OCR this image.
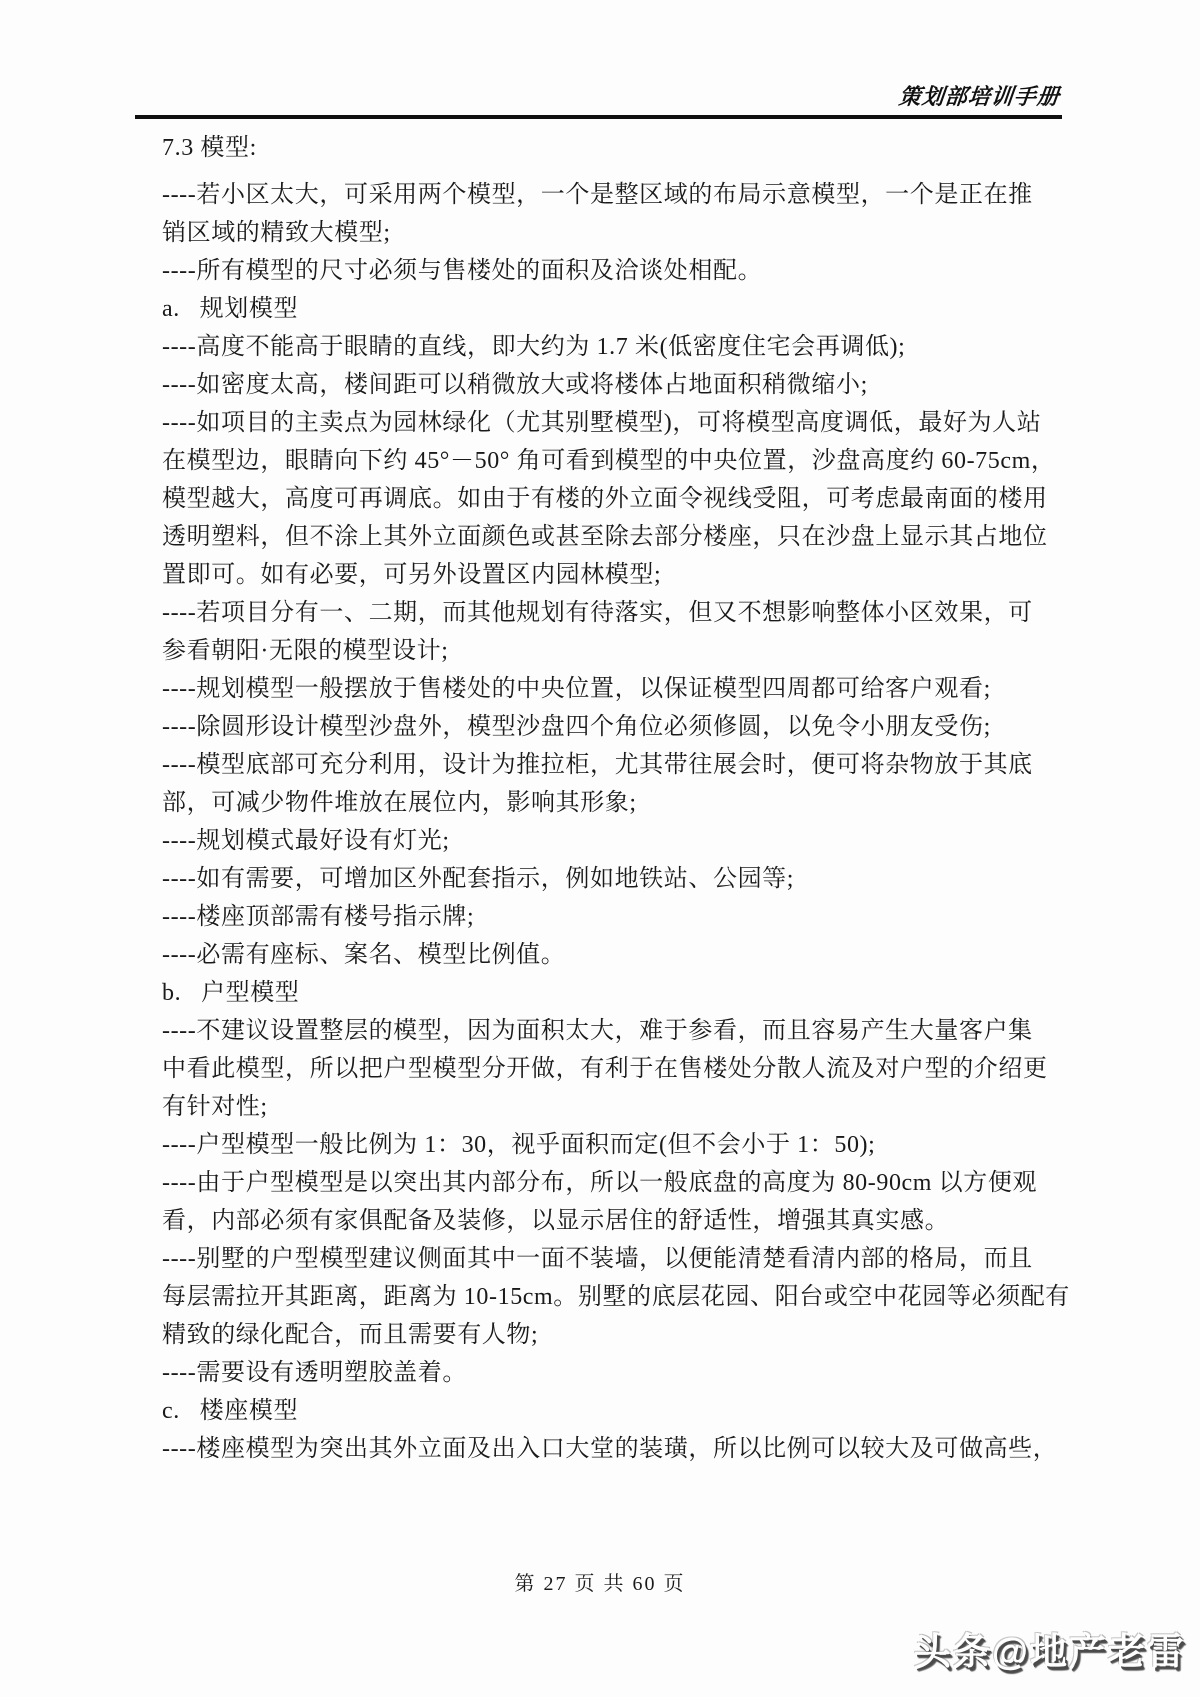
策划部培训手册
7.3 模型:
----若小区太大，可采用两个模型，一个是整区域的布局示意模型，一个是正在推
销区域的精致大模型;
----所有模型的尺寸必须与售楼处的面积及洽谈处相配。
a.   规划模型
----高度不能高于眼睛的直线，即大约为 1.7 米(低密度住宅会再调低);
----如密度太高，楼间距可以稍微放大或将楼体占地面积稍微缩小;
----如项目的主卖点为园林绿化（尤其别墅模型)，可将模型高度调低，最好为人站
在模型边，眼睛向下约 45°－50° 角可看到模型的中央位置，沙盘高度约 60-75cm，
模型越大，高度可再调底。如由于有楼的外立面令视线受阻，可考虑最南面的楼用
透明塑料，但不涂上其外立面颜色或甚至除去部分楼座，只在沙盘上显示其占地位
置即可。如有必要，可另外设置区内园林模型;
----若项目分有一、二期，而其他规划有待落实，但又不想影响整体小区效果，可
参看朝阳·无限的模型设计;
----规划模型一般摆放于售楼处的中央位置，以保证模型四周都可给客户观看;
----除圆形设计模型沙盘外，模型沙盘四个角位必须修圆，以免令小朋友受伤;
----模型底部可充分利用，设计为推拉柜，尤其带往展会时，便可将杂物放于其底
部，可减少物件堆放在展位内，影响其形象;
----规划模式最好设有灯光;
----如有需要，可增加区外配套指示，例如地铁站、公园等;
----楼座顶部需有楼号指示牌;
----必需有座标、案名、模型比例值。
b.   户型模型
----不建议设置整层的模型，因为面积太大，难于参看，而且容易产生大量客户集
中看此模型，所以把户型模型分开做，有利于在售楼处分散人流及对户型的介绍更
有针对性;
----户型模型一般比例为 1：30，视乎面积而定(但不会小于 1：50);
----由于户型模型是以突出其内部分布，所以一般底盘的高度为 80-90cm 以方便观
看，内部必须有家俱配备及装修，以显示居住的舒适性，增强其真实感。
----别墅的户型模型建议侧面其中一面不装墙，以便能清楚看清内部的格局，而且
每层需拉开其距离，距离为 10-15cm。别墅的底层花园、阳台或空中花园等必须配有
精致的绿化配合，而且需要有人物;
----需要设有透明塑胶盖着。
c.   楼座模型
----楼座模型为突出其外立面及出入口大堂的装璜，所以比例可以较大及可做高些，
第 27 页 共 60 页
头条@地产老雷
